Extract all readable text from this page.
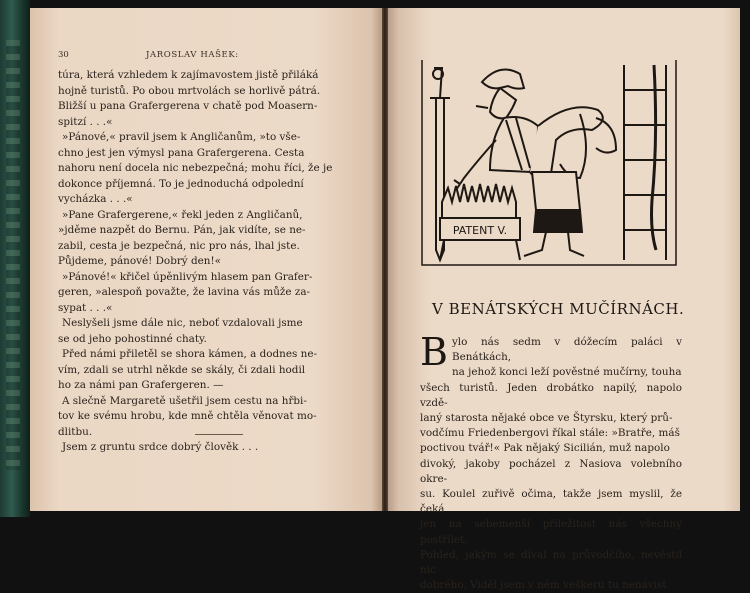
30	JAROSLAV HAŠEK:

túra, která vzhledem k zajímavostem jistě přiláká

hojně turistů. Po obou mrtvolách se horlivě pátrá.

Bližší u pana Grafergerena v chatě pod Moasern-

spitzí . . .«

»Pánové,« pravil jsem k Angličanům, »to vše-

chno jest jen výmysl pana Grafergerena. Cesta

nahoru není docela nic nebezpečná; mohu říci, že je

dokonce příjemná. To je jednoduchá odpolední

vycházka . . .«

»Pane Grafergerene,« řekl jeden z Angličanů,

»jděme nazpět do Bernu. Pán, jak vidíte, se ne-

zabil, cesta je bezpečná, nic pro nás, lhal jste.

Půjdeme, pánové! Dobrý den!«

»Pánové!« křičel úpěnlivým hlasem pan Grafer-

geren, »alespoň považte, že lavina vás může za-

sypat . . .«

Neslyšeli jsme dále nic, neboť vzdalovali jsme

se od jeho pohostinné chaty.

Před námi přiletěl se shora kámen, a dodnes ne-

vím, zdali se utrhl někde se skály, či zdali hodil

ho za námi pan Grafergeren. —

A slečně Margaretě ušetřil jsem cestu na hřbi-

tov ke svému hrobu, kde mně chtěla věnovat mo-

dlitbu.

Jsem z gruntu srdce dobrý člověk . . .

PATENT V.
V BENÁTSKÝCH MUČÍRNÁCH.
B ylo nás sedm v dóžecím paláci v Benátkách,

na jehož konci leží pověstné mučírny, touha

všech turistů. Jeden drobátko napilý, napolo vzdě-

laný starosta nějaké obce ve Štyrsku, který prů-

vodčímu Friedenbergovi říkal stále: »Bratře, máš

poctivou tvář!« Pak nějaký Sicilián, muž napolo

divoký, jakoby pocházel z Nasiova volebního okre-

su. Koulel zuřivě očima, takže jsem myslil, že čeká

jen na sebemenší příležitost nás všechny postřílet.

Pohled, jakým se díval na průvodčího, nevěstil nic

dobrého. Viděl jsem v něm veškeru tu nenávist
